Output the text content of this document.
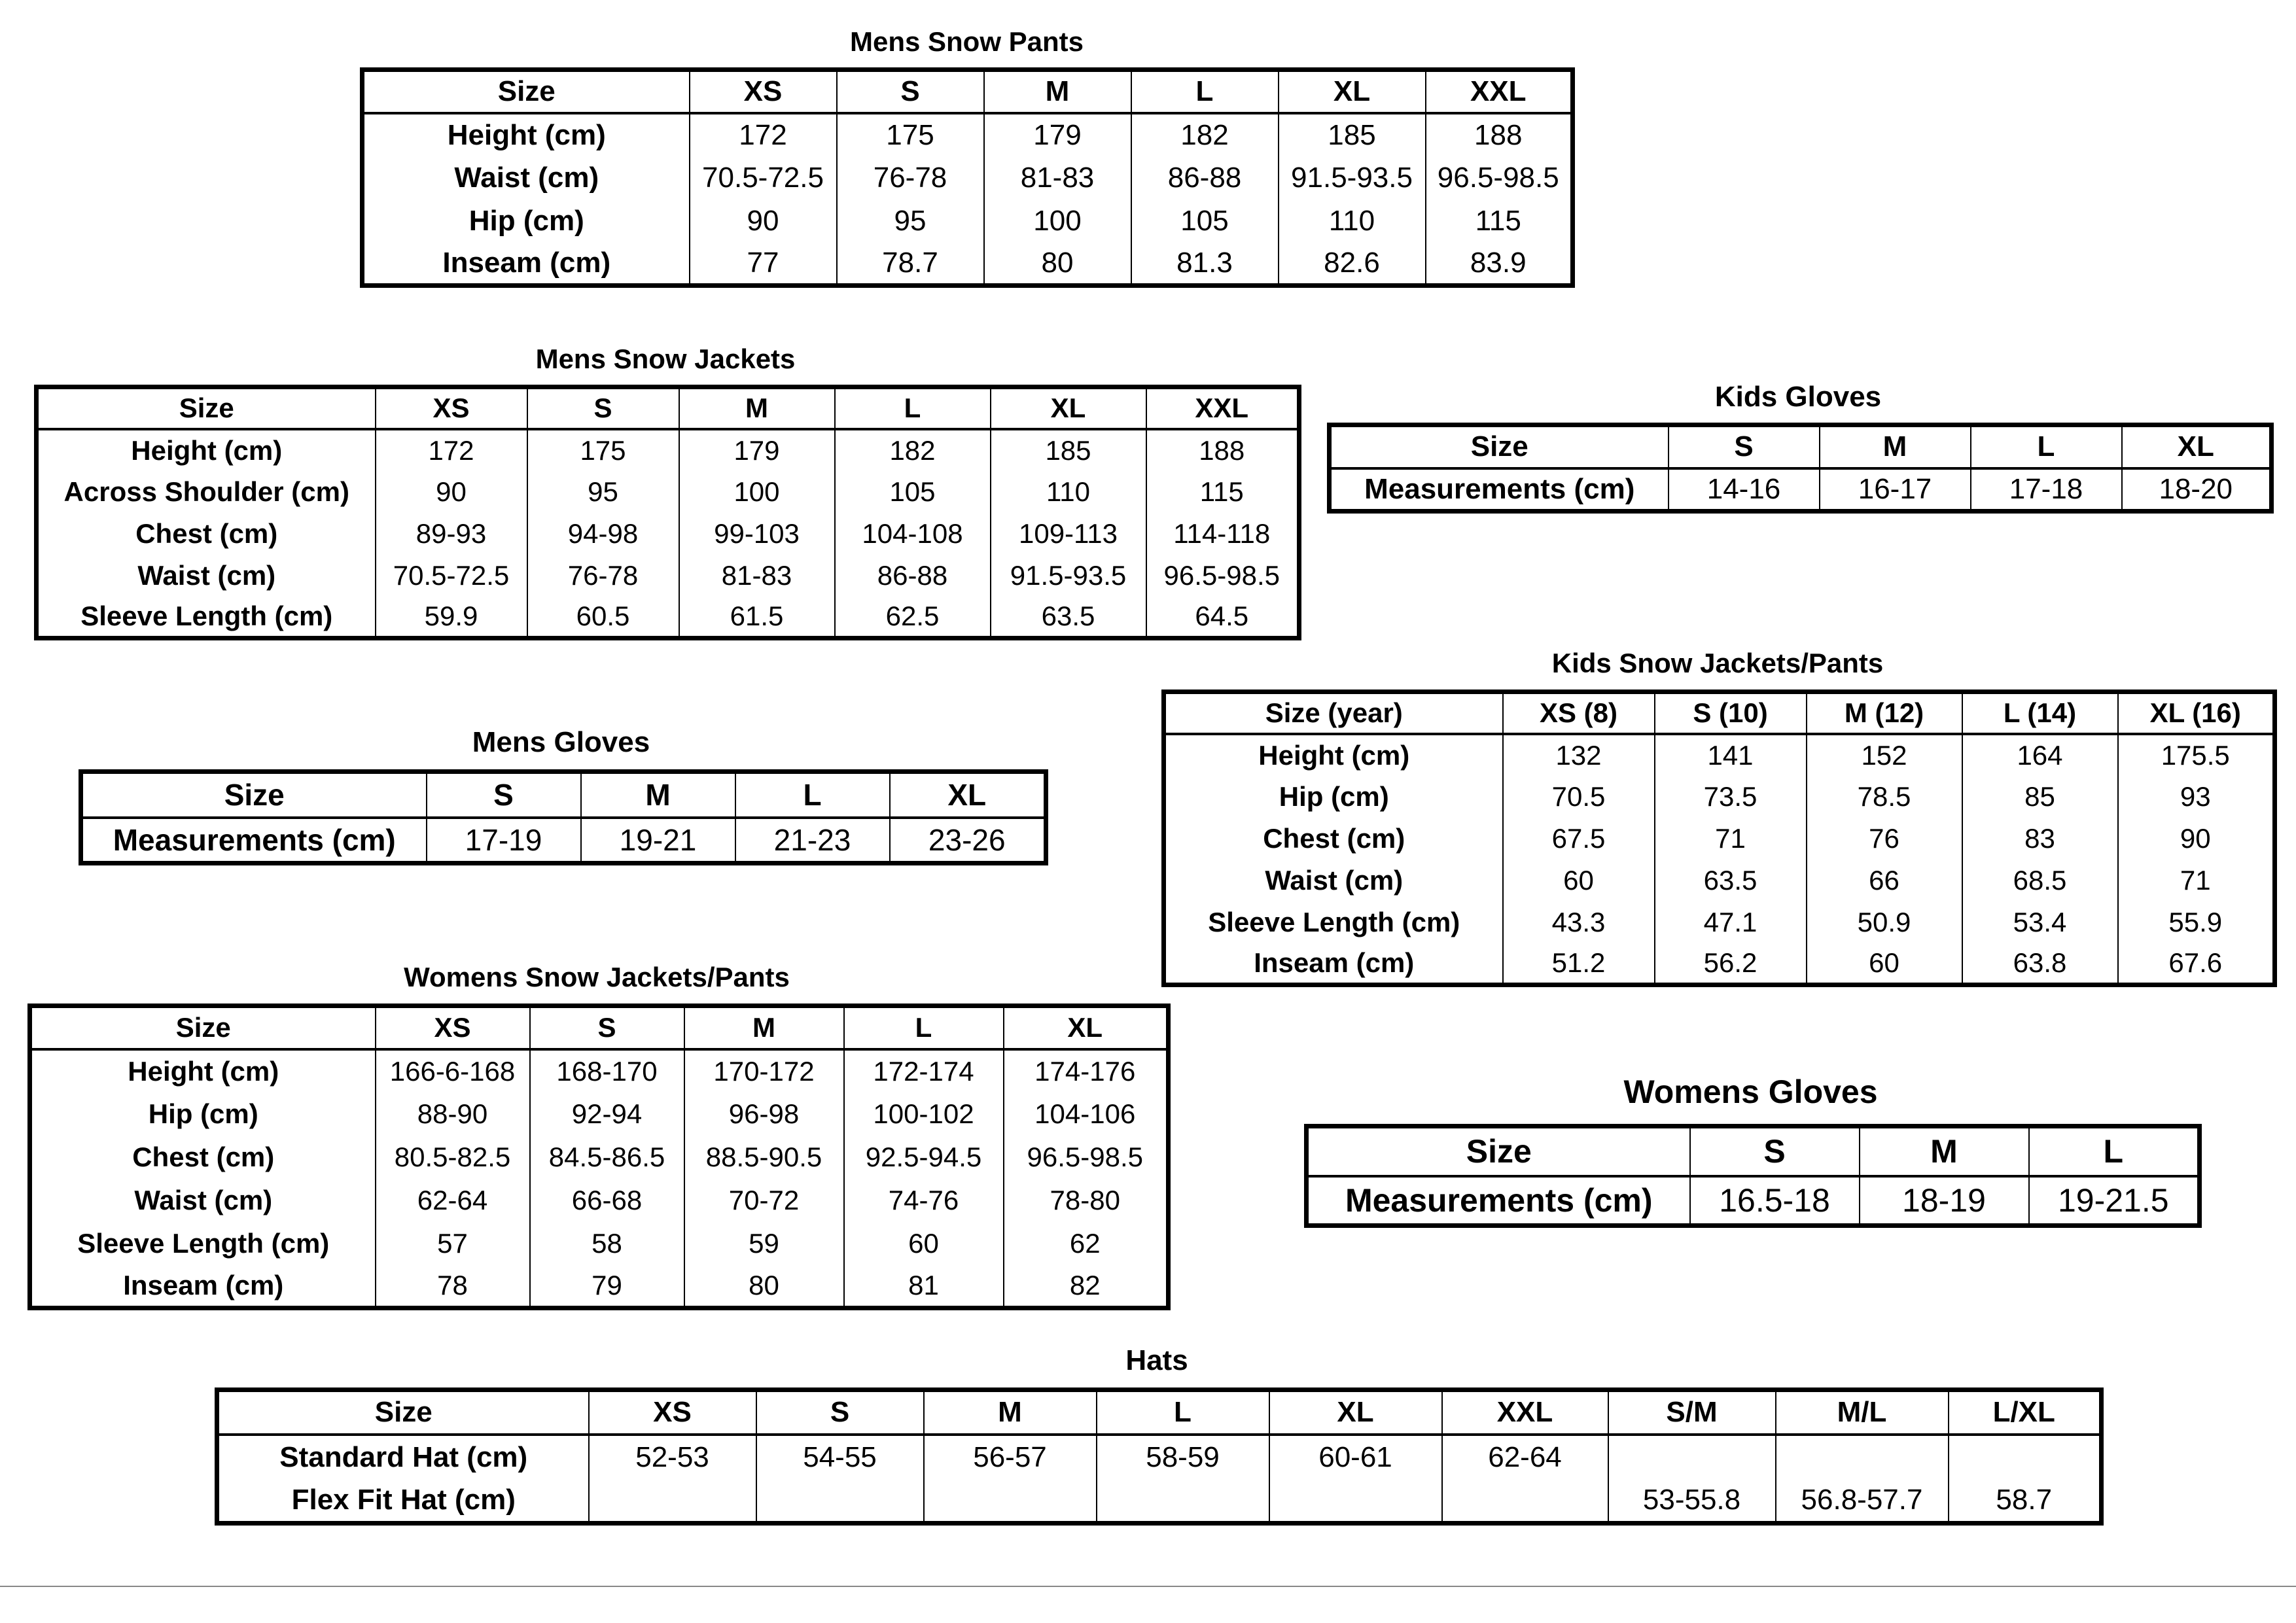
Mens Snow Pants
Size	XS	S	M	L	XL	XXL
Height (cm)	172	175	179	182	185	188
Waist (cm)	70.5-72.5	76-78	81-83	86-88	91.5-93.5	96.5-98.5
Hip (cm)	90	95	100	105	110	115
Inseam (cm)	77	78.7	80	81.3	82.6	83.9
Mens Snow Jackets
Size	XS	S	M	L	XL	XXL
Height (cm)	172	175	179	182	185	188
Across Shoulder (cm)	90	95	100	105	110	115
Chest (cm)	89-93	94-98	99-103	104-108	109-113	114-118
Waist (cm)	70.5-72.5	76-78	81-83	86-88	91.5-93.5	96.5-98.5
Sleeve Length (cm)	59.9	60.5	61.5	62.5	63.5	64.5
Kids Gloves
Size	S	M	L	XL
Measurements (cm)	14-16	16-17	17-18	18-20
Kids Snow Jackets/Pants
Size (year)	XS (8)	S (10)	M (12)	L (14)	XL (16)
Height (cm)	132	141	152	164	175.5
Hip (cm)	70.5	73.5	78.5	85	93
Chest (cm)	67.5	71	76	83	90
Waist (cm)	60	63.5	66	68.5	71
Sleeve Length (cm)	43.3	47.1	50.9	53.4	55.9
Inseam (cm)	51.2	56.2	60	63.8	67.6
Mens Gloves
Size	S	M	L	XL
Measurements (cm)	17-19	19-21	21-23	23-26
Womens Snow Jackets/Pants
Size	XS	S	M	L	XL
Height (cm)	166-6-168	168-170	170-172	172-174	174-176
Hip (cm)	88-90	92-94	96-98	100-102	104-106
Chest (cm)	80.5-82.5	84.5-86.5	88.5-90.5	92.5-94.5	96.5-98.5
Waist (cm)	62-64	66-68	70-72	74-76	78-80
Sleeve Length (cm)	57	58	59	60	62
Inseam (cm)	78	79	80	81	82
Womens Gloves
Size	S	M	L
Measurements (cm)	16.5-18	18-19	19-21.5
Hats
Size	XS	S	M	L	XL	XXL	S/M	M/L	L/XL
Standard Hat (cm)	52-53	54-55	56-57	58-59	60-61	62-64			
Flex Fit Hat (cm)							53-55.8	56.8-57.7	58.7
